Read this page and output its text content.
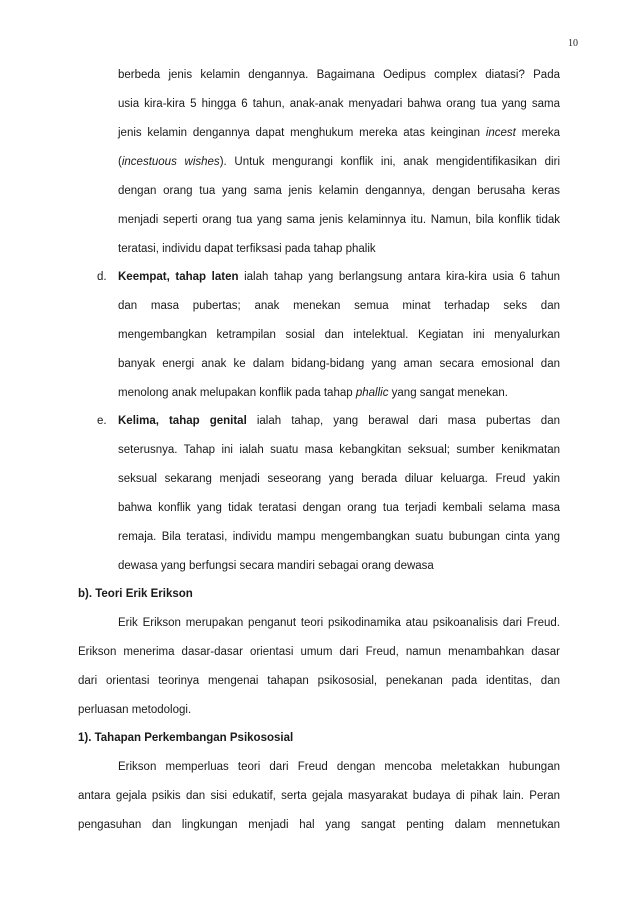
10
berbeda jenis kelamin dengannya. Bagaimana Oedipus complex diatasi? Pada
usia kira-kira 5 hingga 6 tahun, anak-anak menyadari bahwa orang tua yang sama
jenis kelamin dengannya dapat menghukum mereka atas keinginan incest mereka
(incestuous wishes). Untuk mengurangi konflik ini, anak mengidentifikasikan diri
dengan orang tua yang sama jenis kelamin dengannya, dengan berusaha keras
menjadi seperti orang tua yang sama jenis kelaminnya itu. Namun, bila konflik tidak
teratasi, individu dapat terfiksasi pada tahap phalik
d. Keempat, tahap laten ialah tahap yang berlangsung antara kira-kira usia 6 tahun
dan masa pubertas; anak menekan semua minat terhadap seks dan
mengembangkan ketrampilan sosial dan intelektual. Kegiatan ini menyalurkan
banyak energi anak ke dalam bidang-bidang yang aman secara emosional dan
menolong anak melupakan konflik pada tahap phallic yang sangat menekan.
e. Kelima, tahap genital ialah tahap, yang berawal dari masa pubertas dan
seterusnya. Tahap ini ialah suatu masa kebangkitan seksual; sumber kenikmatan
seksual sekarang menjadi seseorang yang berada diluar keluarga. Freud yakin
bahwa konflik yang tidak teratasi dengan orang tua terjadi kembali selama masa
remaja. Bila teratasi, individu mampu mengembangkan suatu bubungan cinta yang
dewasa yang berfungsi secara mandiri sebagai orang dewasa
b). Teori Erik Erikson
Erik Erikson merupakan penganut teori psikodinamika atau psikoanalisis dari Freud.
Erikson menerima dasar-dasar orientasi umum dari Freud, namun menambahkan dasar
dari orientasi teorinya mengenai tahapan psikososial, penekanan pada identitas, dan
perluasan metodologi.
1). Tahapan Perkembangan Psikososial
Erikson memperluas teori dari Freud dengan mencoba meletakkan hubungan
antara gejala psikis dan sisi edukatif, serta gejala masyarakat budaya di pihak lain. Peran
pengasuhan dan lingkungan menjadi hal yang sangat penting dalam mennetukan
